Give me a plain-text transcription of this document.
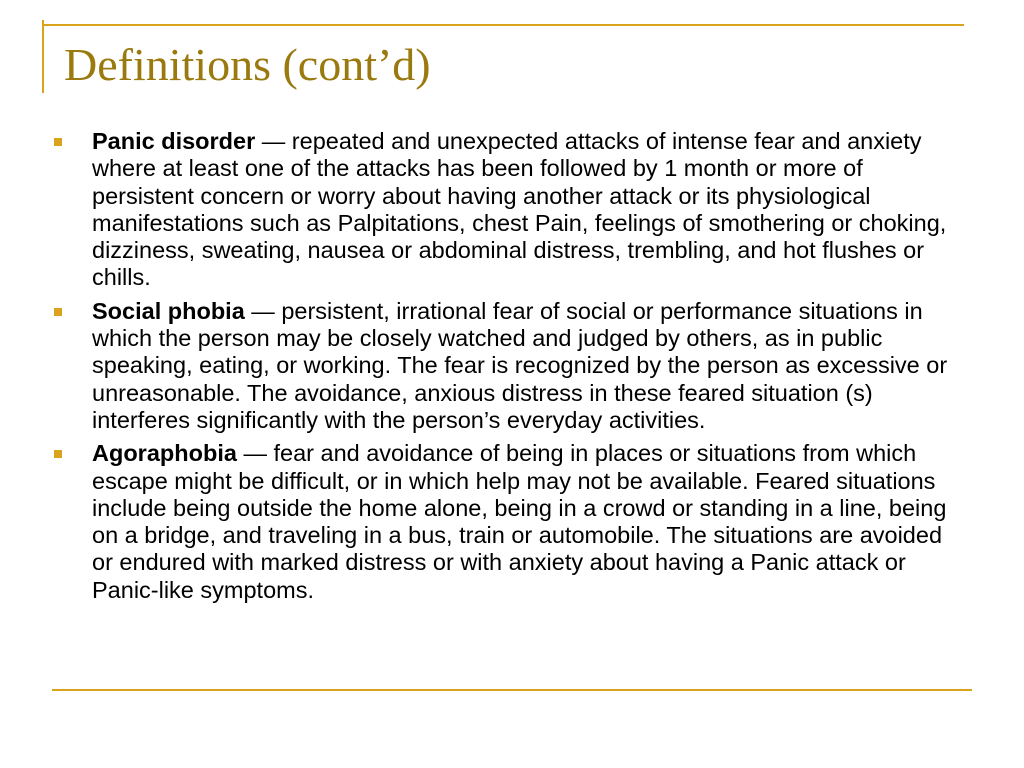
Definitions (cont’d)
Panic disorder — repeated and unexpected attacks of intense fear and anxiety where at least one of the attacks has been followed by 1 month or more of persistent concern or worry about having another attack or its physiological manifestations such as Palpitations, chest Pain, feelings of smothering or choking, dizziness, sweating, nausea or abdominal distress, trembling, and hot flushes or chills.
Social phobia — persistent, irrational fear of social or performance situations in which the person may be closely watched and judged by others, as in public speaking, eating, or working. The fear is recognized by the person as excessive or unreasonable. The avoidance, anxious distress in these feared situation (s) interferes significantly with the person’s everyday activities.
Agoraphobia — fear and avoidance of being in places or situations from which escape might be difficult, or in which help may not be available. Feared situations include being outside the home alone, being in a crowd or standing in a line, being on a bridge, and traveling in a bus, train or automobile. The situations are avoided or endured with marked distress or with anxiety about having a Panic attack or Panic-like symptoms.
